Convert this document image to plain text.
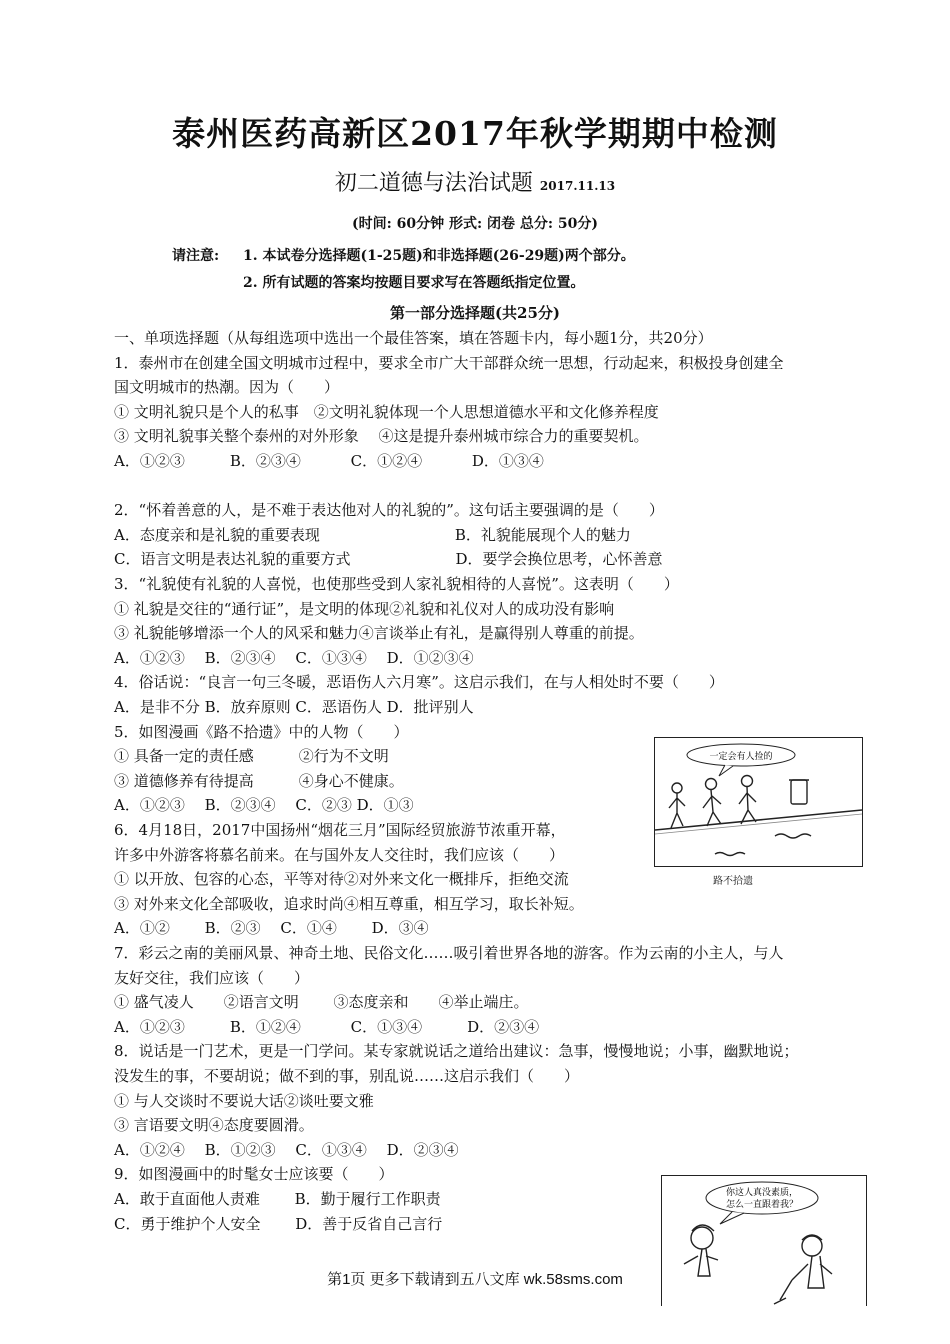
泰州医药高新区2017年秋学期期中检测
初二道德与法治试题 2017.11.13
(时间: 60分钟 形式: 闭卷 总分: 50分)
请注意: 1. 本试卷分选择题(1-25题)和非选择题(26-29题)两个部分。
2. 所有试题的答案均按题目要求写在答题纸指定位置。
第一部分选择题(共25分)
一、单项选择题（从每组选项中选出一个最佳答案，填在答题卡内，每小题1分，共20分）
1．泰州市在创建全国文明城市过程中，要求全市广大干部群众统一思想，行动起来，积极投身创建全
国文明城市的热潮。因为（　　）
① 文明礼貌只是个人的私事　②文明礼貌体现一个人思想道德水平和文化修养程度
③ 文明礼貌事关整个泰州的对外形象　 ④这是提升泰州城市综合力的重要契机。
A．①②③　　　B．②③④　　　 C．①②④　　　 D．①③④
2．“怀着善意的人，是不难于表达他对人的礼貌的”。这句话主要强调的是（　　）
A．态度亲和是礼貌的重要表现　　　　　　　　　B．礼貌能展现个人的魅力
C．语言文明是表达礼貌的重要方式　　　　　　　D．要学会换位思考，心怀善意
3．“礼貌使有礼貌的人喜悦，也使那些受到人家礼貌相待的人喜悦”。这表明（　　）
① 礼貌是交往的“通行证”，是文明的体现②礼貌和礼仪对人的成功没有影响
③ 礼貌能够增添一个人的风采和魅力④言谈举止有礼，是赢得别人尊重的前提。
A．①②③　 B．②③④　 C．①③④　 D．①②③④
4．俗话说：“良言一句三冬暖，恶语伤人六月寒”。这启示我们，在与人相处时不要（　　）
A．是非不分 B．放弃原则 C．恶语伤人 D．批评别人
5．如图漫画《路不拾遗》中的人物（　　）
① 具备一定的责任感　　　②行为不文明
③ 道德修养有待提高　　　④身心不健康。
A．①②③　 B．②③④　 C．②③ D．①③
6．4月18日，2017中国扬州“烟花三月”国际经贸旅游节浓重开幕，
许多中外游客将慕名前来。在与国外友人交往时，我们应该（　　）
① 以开放、包容的心态，平等对待②对外来文化一概排斥，拒绝交流
③ 对外来文化全部吸收，追求时尚④相互尊重，相互学习，取长补短。
A．①②　　 B．②③　 C．①④　　 D．③④
7．彩云之南的美丽风景、神奇土地、民俗文化……吸引着世界各地的游客。作为云南的小主人，与人
友好交往，我们应该（　　）
① 盛气凌人　　②语言文明　　 ③态度亲和　　④举止端庄。
A．①②③　　　B．①②④　　　 C．①③④　　　D．②③④
8．说话是一门艺术，更是一门学问。某专家就说话之道给出建议：急事，慢慢地说；小事，幽默地说；
没发生的事，不要胡说；做不到的事，别乱说……这启示我们（　　）
① 与人交谈时不要说大话②谈吐要文雅
③ 言语要文明④态度要圆滑。
A．①②④　 B．①②③　 C．①③④　 D．②③④
9．如图漫画中的时髦女士应该要（　　）
A．敢于直面他人责难　　 B．勤于履行工作职责
C．勇于维护个人安全　　 D．善于反省自己言行
一定会有人捡的
路不拾遗
你这人真没素质，
怎么一直跟着我？
第1页 更多下载请到五八文库 wk.58sms.com
